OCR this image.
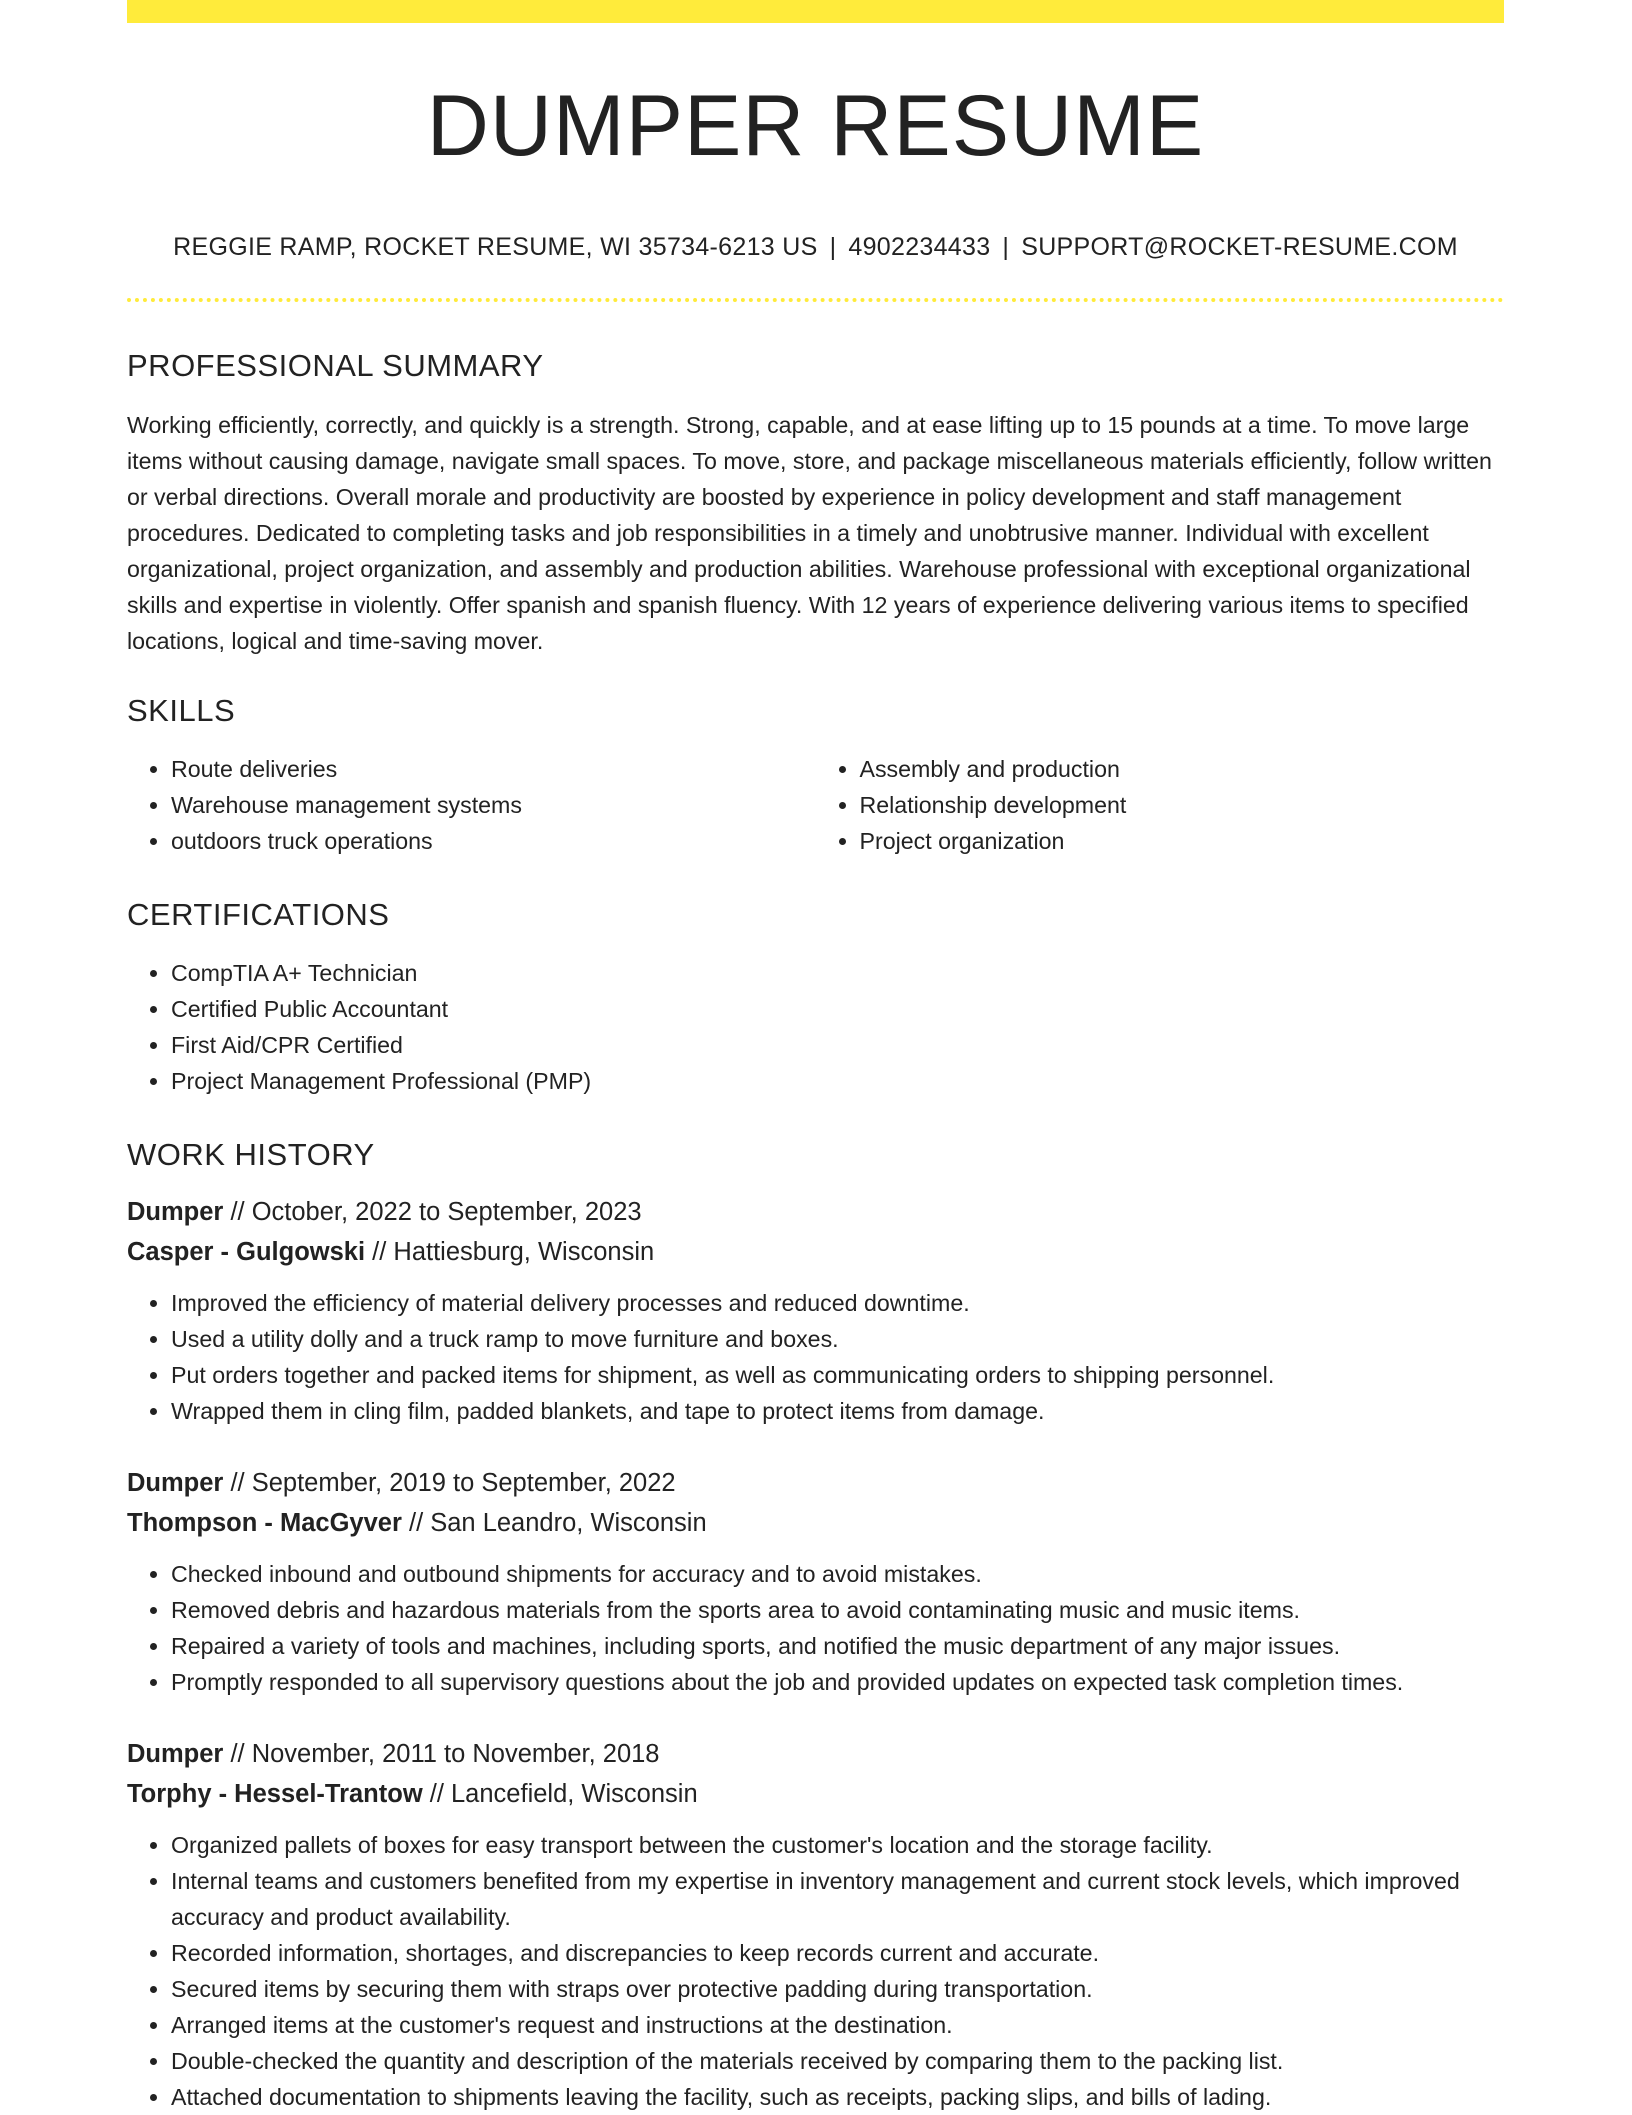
DUMPER RESUME
REGGIE RAMP, ROCKET RESUME, WI 35734-6213 US | 4902234433 | SUPPORT@ROCKET-RESUME.COM
PROFESSIONAL SUMMARY

Working efficiently, correctly, and quickly is a strength. Strong, capable, and at ease lifting up to 15 pounds at a time. To move large items without causing damage, navigate small spaces. To move, store, and package miscellaneous materials efficiently, follow written or verbal directions. Overall morale and productivity are boosted by experience in policy development and staff management procedures. Dedicated to completing tasks and job responsibilities in a timely and unobtrusive manner. Individual with excellent organizational, project organization, and assembly and production abilities. Warehouse professional with exceptional organizational skills and expertise in violently. Offer spanish and spanish fluency. With 12 years of experience delivering various items to specified locations, logical and time-saving mover.

SKILLS
• Route deliveries
• Warehouse management systems
• outdoors truck operations
• Assembly and production
• Relationship development
• Project organization
CERTIFICATIONS
• CompTIA A+ Technician
• Certified Public Accountant
• First Aid/CPR Certified
• Project Management Professional (PMP)
WORK HISTORY
Dumper // October, 2022 to September, 2023
Casper - Gulgowski // Hattiesburg, Wisconsin
• Improved the efficiency of material delivery processes and reduced downtime.
• Used a utility dolly and a truck ramp to move furniture and boxes.
• Put orders together and packed items for shipment, as well as communicating orders to shipping personnel.
• Wrapped them in cling film, padded blankets, and tape to protect items from damage.
Dumper // September, 2019 to September, 2022
Thompson - MacGyver // San Leandro, Wisconsin
• Checked inbound and outbound shipments for accuracy and to avoid mistakes.
• Removed debris and hazardous materials from the sports area to avoid contaminating music and music items.
• Repaired a variety of tools and machines, including sports, and notified the music department of any major issues.
• Promptly responded to all supervisory questions about the job and provided updates on expected task completion times.
Dumper // November, 2011 to November, 2018
Torphy - Hessel-Trantow // Lancefield, Wisconsin
• Organized pallets of boxes for easy transport between the customer's location and the storage facility.
• Internal teams and customers benefited from my expertise in inventory management and current stock levels, which improved accuracy and product availability.
• Recorded information, shortages, and discrepancies to keep records current and accurate.
• Secured items by securing them with straps over protective padding during transportation.
• Arranged items at the customer's request and instructions at the destination.
• Double-checked the quantity and description of the materials received by comparing them to the packing list.
• Attached documentation to shipments leaving the facility, such as receipts, packing slips, and bills of lading.
